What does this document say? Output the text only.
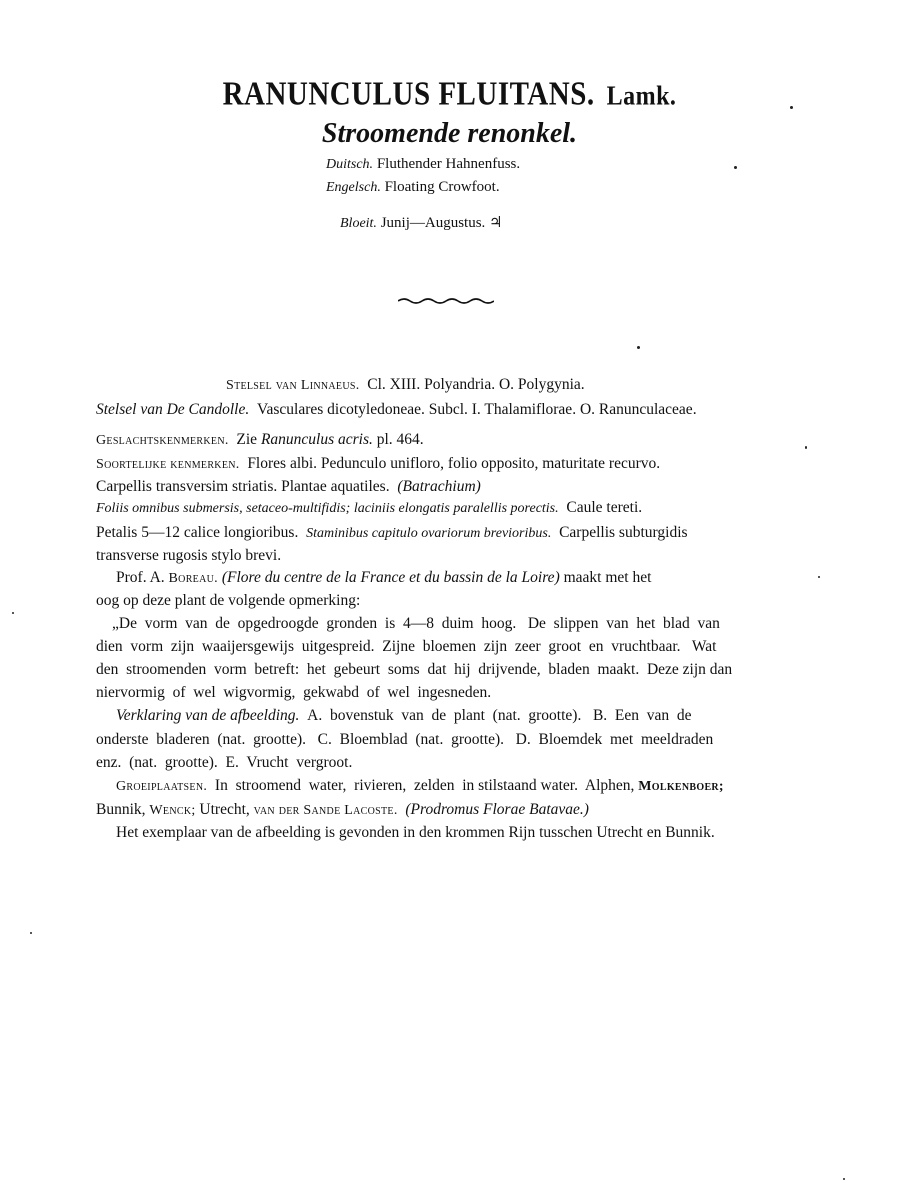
RANUNCULUS FLUITANS. Lamk.
Stroomende renonkel.
Duitsch. Fluthender Hahnenfuss.
Engelsch. Floating Crowfoot.
Bloeit. Junij—Augustus. ♃
Stelsel van Linnaeus. Cl. XIII. Polyandria. O. Polygynia.
Stelsel van De Candolle. Vasculares dicotyledoneae. Subcl. I. Thalamiflorae. O. Ranunculaceae.
Geslachtskenmerken. Zie Ranunculus acris. pl. 464.
Soortelijke kenmerken. Flores albi. Pedunculo unifloro, folio opposito, maturitate recurvo.
Carpellis transversim striatis. Plantae aquatiles. (Batrachium)
Foliis omnibus submersis, setaceo-multifidis; laciniis elongatis paralellis porectis. Caule tereti.
Petalis 5—12 calice longioribus. Staminibus capitulo ovariorum brevioribus. Carpellis subturgidis
transverse rugosis stylo brevi.
Prof. A. Boreau. (Flore du centre de la France et du bassin de la Loire) maakt met het
oog op deze plant de volgende opmerking:
„De  vorm  van  de  opgedroogde  gronden  is  4—8  duim  hoog.   De  slippen  van  het  blad  van
dien  vorm  zijn  waaijersgewijs  uitgespreid.  Zijne  bloemen  zijn  zeer  groot  en  vruchtbaar.   Wat
den  stroomenden  vorm  betreft:  het  gebeurt  soms  dat  hij  drijvende,  bladen  maakt.  Deze zijn dan
niervormig  of  wel  wigvormig,  gekwabd  of  wel  ingesneden.
Verklaring van de afbeelding. A.  bovenstuk  van  de  plant  (nat.  grootte).   B.  Een  van  de
onderste  bladeren  (nat.  grootte).   C.  Bloemblad  (nat.  grootte).   D.  Bloemdek  met  meeldraden
enz.  (nat.  grootte).  E.  Vrucht  vergroot.
Groeiplaatsen. In  stroomend  water,  rivieren,  zelden  in stilstaand water.  Alphen, Molkenboer;
Bunnik, Wenck; Utrecht, van der Sande Lacoste. (Prodromus Florae Batavae.)
Het exemplaar van de afbeelding is gevonden in den krommen Rijn tusschen Utrecht en Bunnik.
